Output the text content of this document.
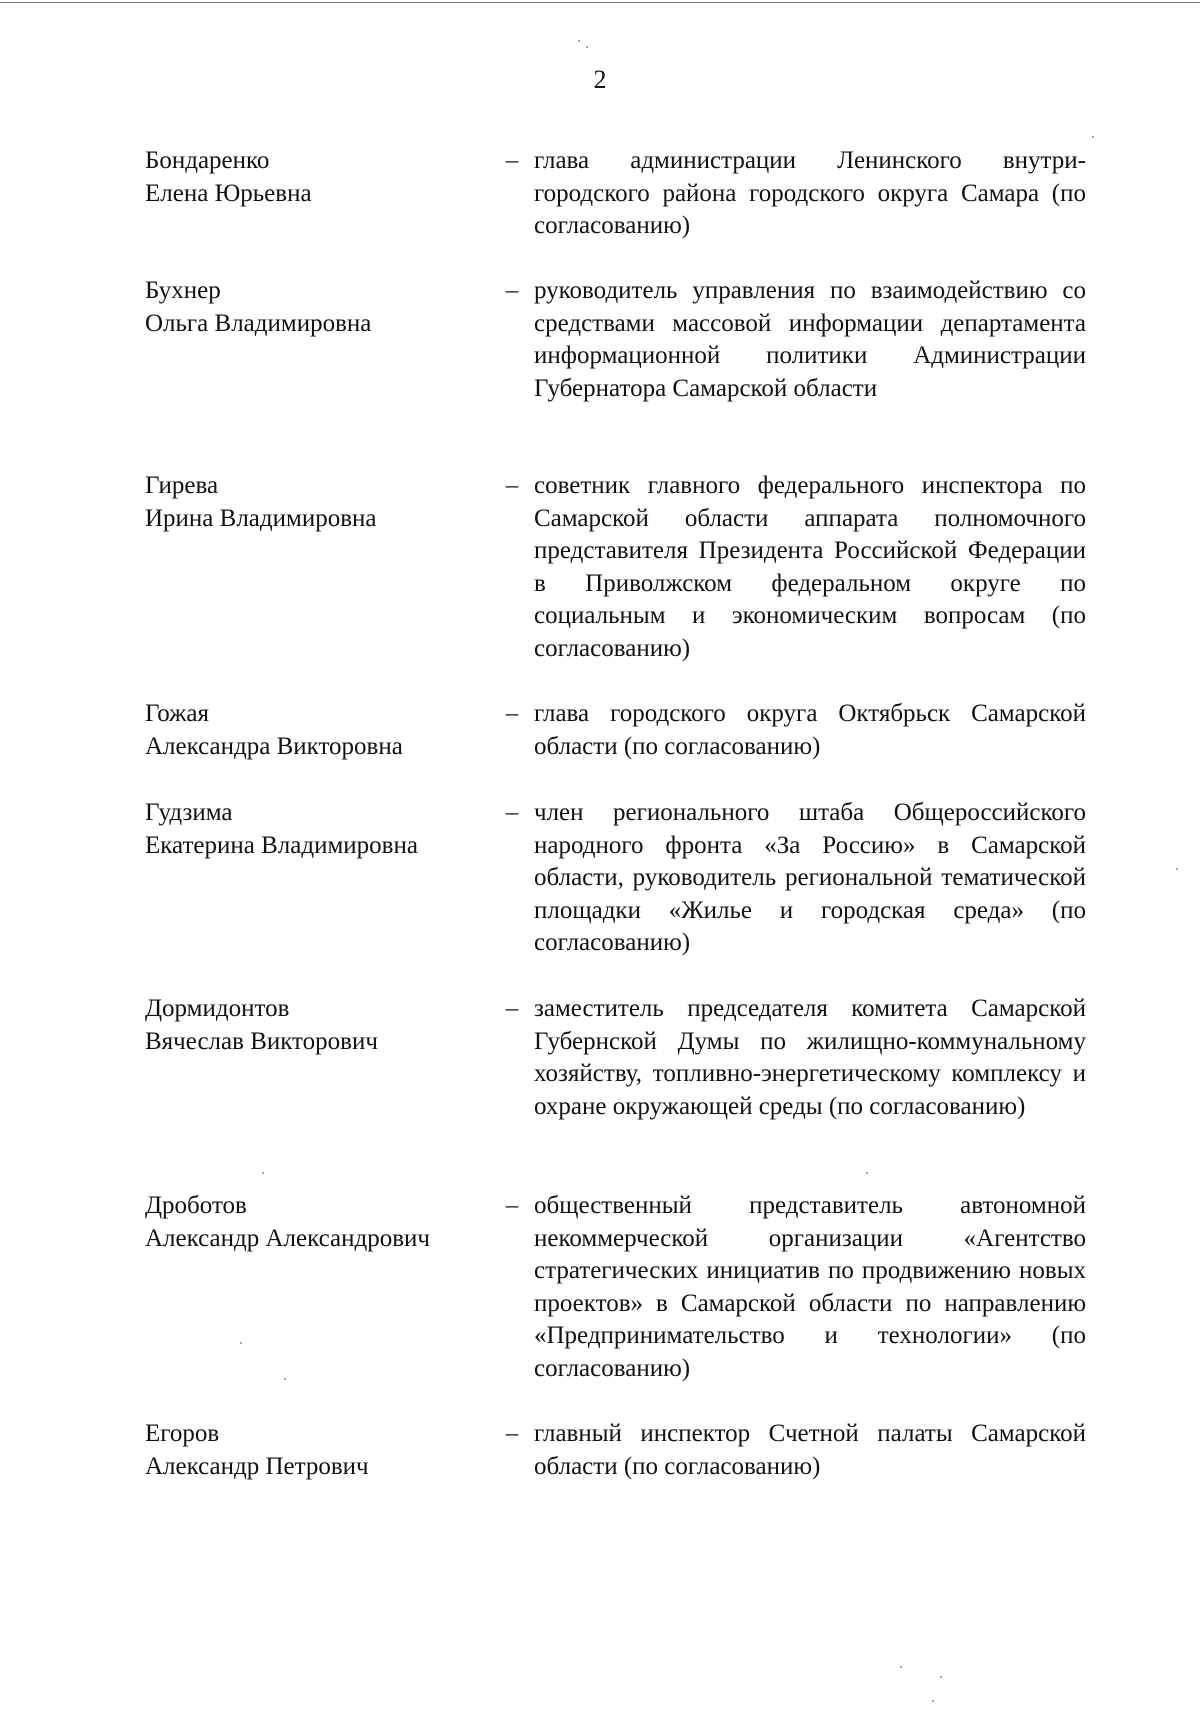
2
Бондаренко
Елена Юрьевна
– глава администрации Ленинского внутри-городского района городского округа Самара (по согласованию)
Бухнер
Ольга Владимировна
– руководитель управления по взаимодействию со средствами массовой информации департамента информационной политики Администрации Губернатора Самарской области
Гирева
Ирина Владимировна
– советник главного федерального инспектора по Самарской области аппарата полномочного представителя Президента Российской Федерации в Приволжском федеральном округе по социальным и экономическим вопросам (по согласованию)
Гожая
Александра Викторовна
– глава городского округа Октябрьск Самарской области (по согласованию)
Гудзима
Екатерина Владимировна
– член регионального штаба Общероссийского народного фронта «За Россию» в Самарской области, руководитель региональной тематической площадки «Жилье и городская среда» (по согласованию)
Дормидонтов
Вячеслав Викторович
– заместитель председателя комитета Самарской Губернской Думы по жилищно-коммунальному хозяйству, топливно-энергетическому комплексу и охране окружающей среды (по согласованию)
Дроботов
Александр Александрович
– общественный представитель автономной некоммерческой организации «Агентство стратегических инициатив по продвижению новых проектов» в Самарской области по направлению «Предпринимательство и технологии» (по согласованию)
Егоров
Александр Петрович
– главный инспектор Счетной палаты Самарской области (по согласованию)
